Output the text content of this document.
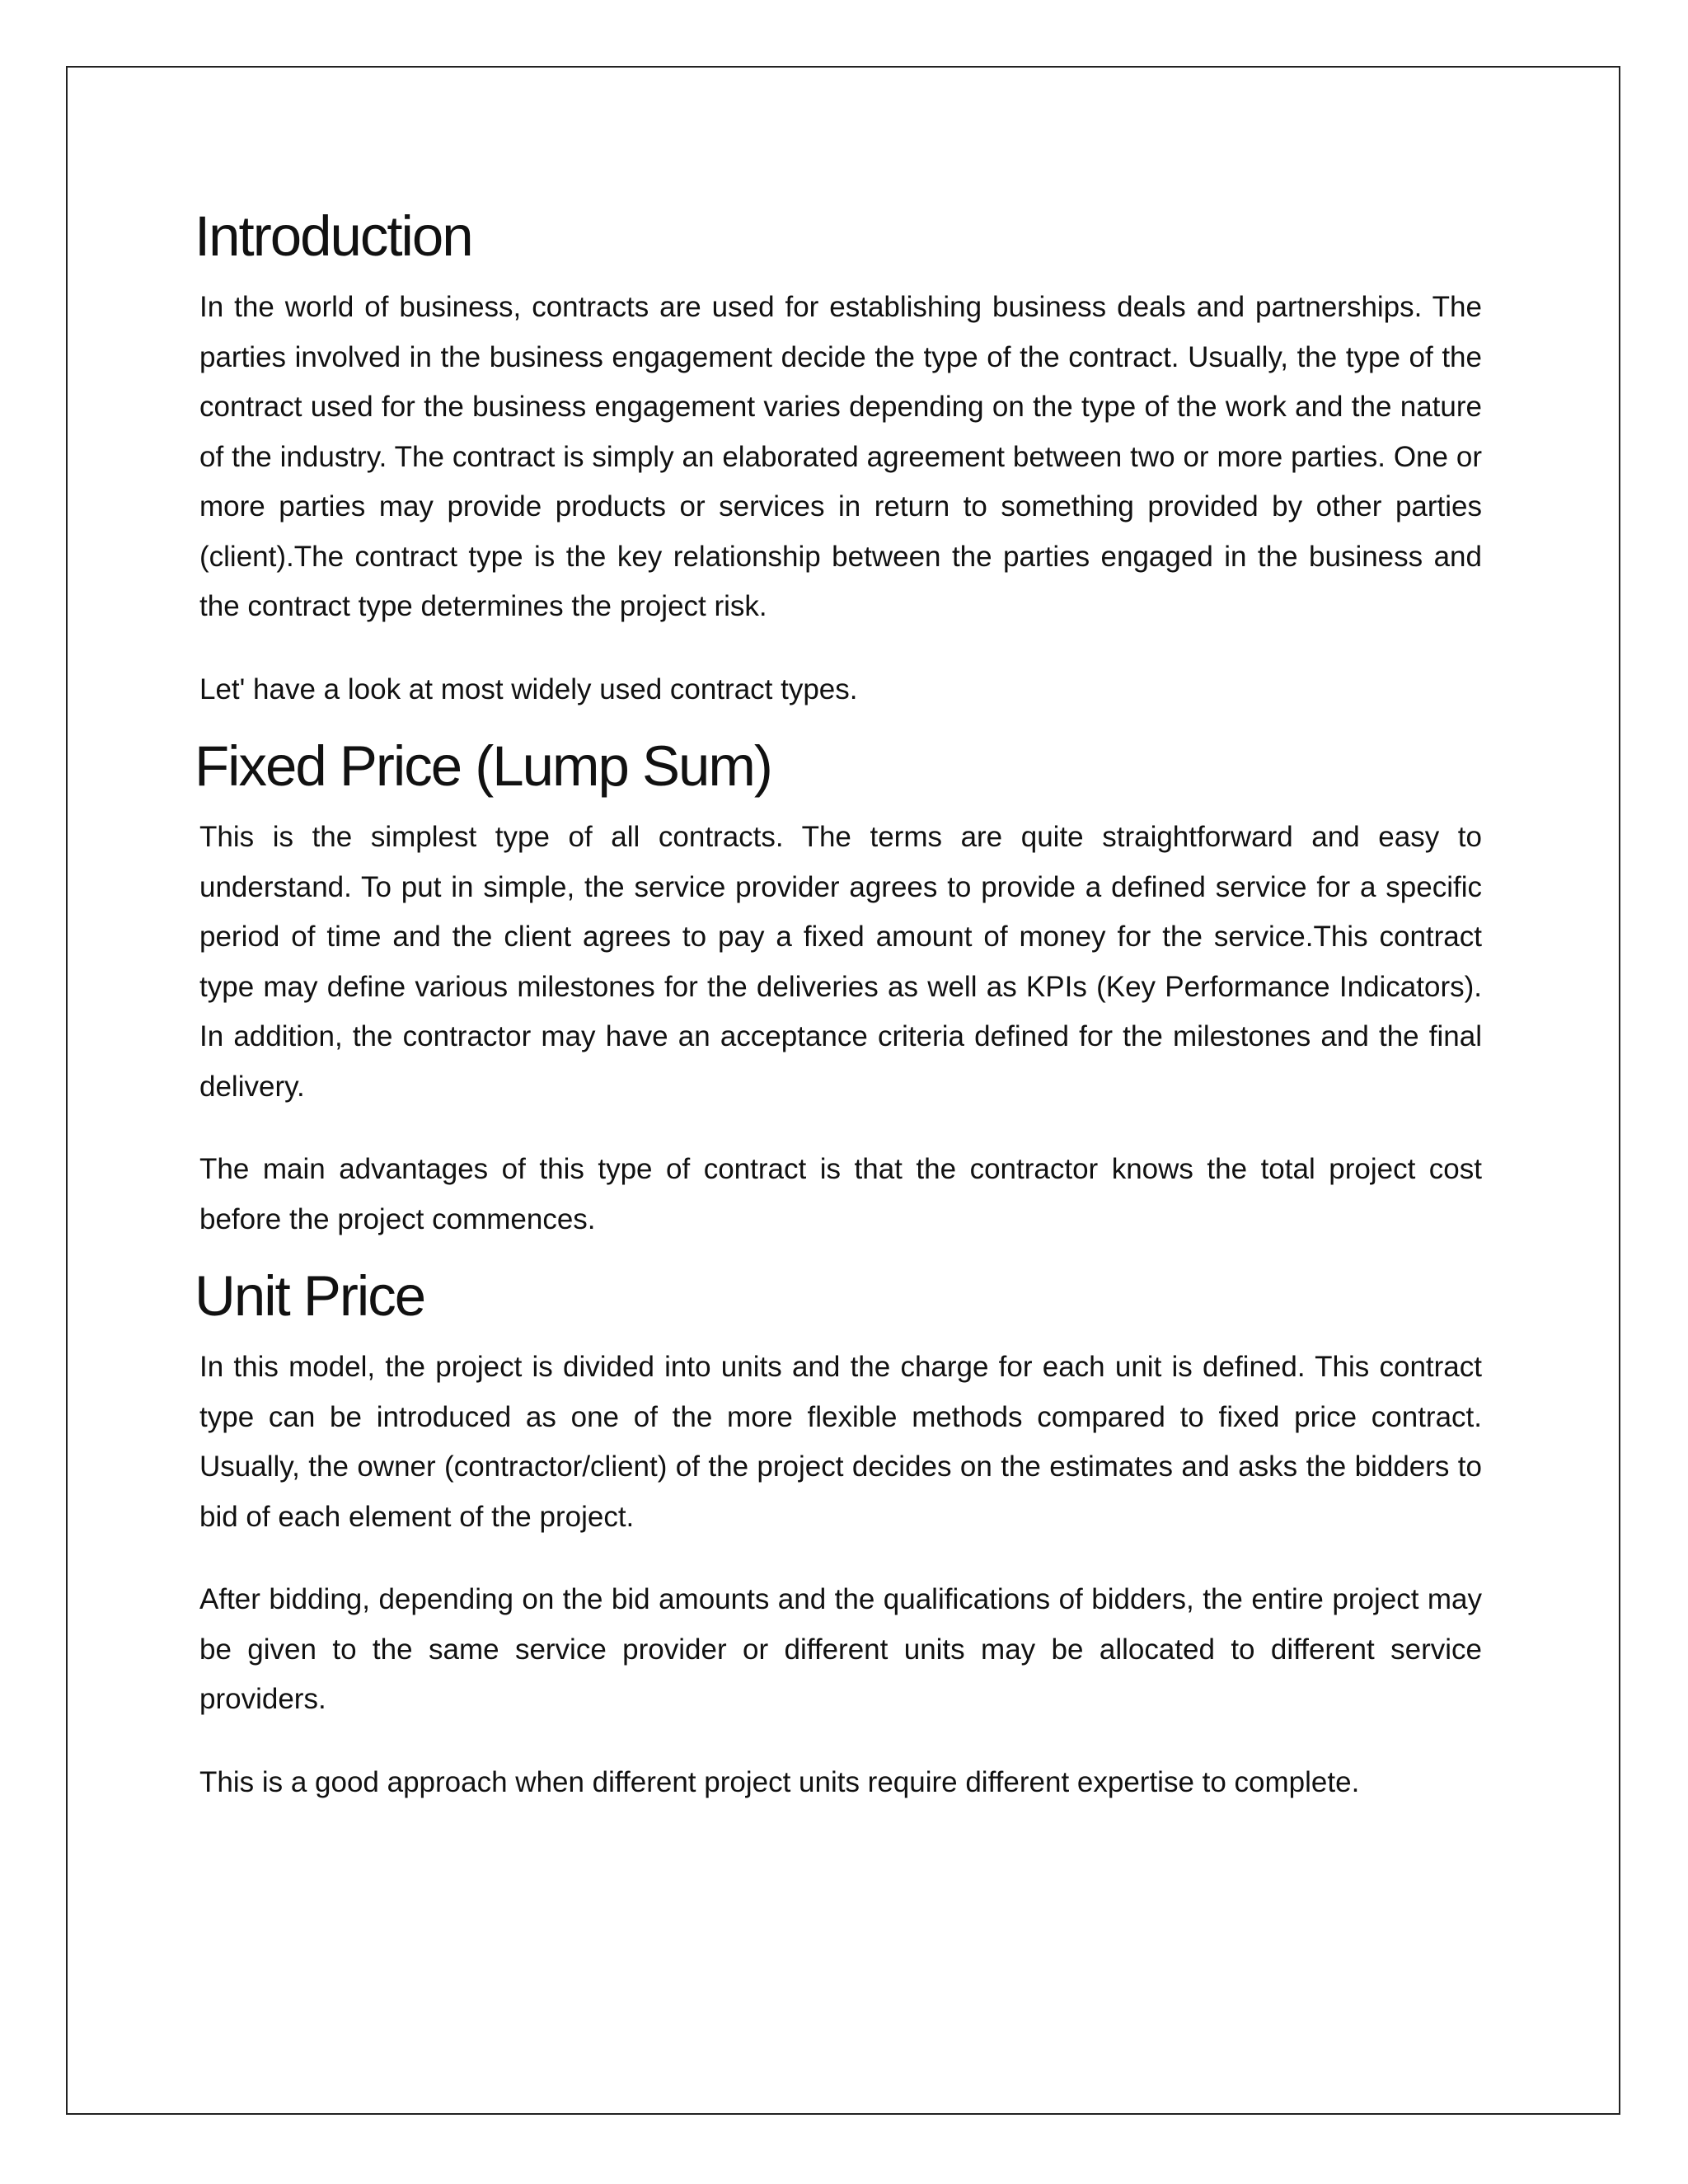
Introduction

In the world of business, contracts are used for establishing business deals and partnerships. The parties involved in the business engagement decide the type of the contract. Usually, the type of the contract used for the business engagement varies depending on the type of the work and the nature of the industry. The contract is simply an elaborated agreement between two or more parties. One or more parties may provide products or services in return to something provided by other parties (client).The contract type is the key relationship between the parties engaged in the business and the contract type determines the project risk.

Let' have a look at most widely used contract types.

Fixed Price (Lump Sum)

This is the simplest type of all contracts. The terms are quite straightforward and easy to understand. To put in simple, the service provider agrees to provide a defined service for a specific period of time and the client agrees to pay a fixed amount of money for the service.This contract type may define various milestones for the deliveries as well as KPIs (Key Performance Indicators). In addition, the contractor may have an acceptance criteria defined for the milestones and the final delivery.

The main advantages of this type of contract is that the contractor knows the total project cost before the project commences.

Unit Price

In this model, the project is divided into units and the charge for each unit is defined. This contract type can be introduced as one of the more flexible methods compared to fixed price contract. Usually, the owner (contractor/client) of the project decides on the estimates and asks the bidders to bid of each element of the project.

After bidding, depending on the bid amounts and the qualifications of bidders, the entire project may be given to the same service provider or different units may be allocated to different service providers.

This is a good approach when different project units require different expertise to complete.
